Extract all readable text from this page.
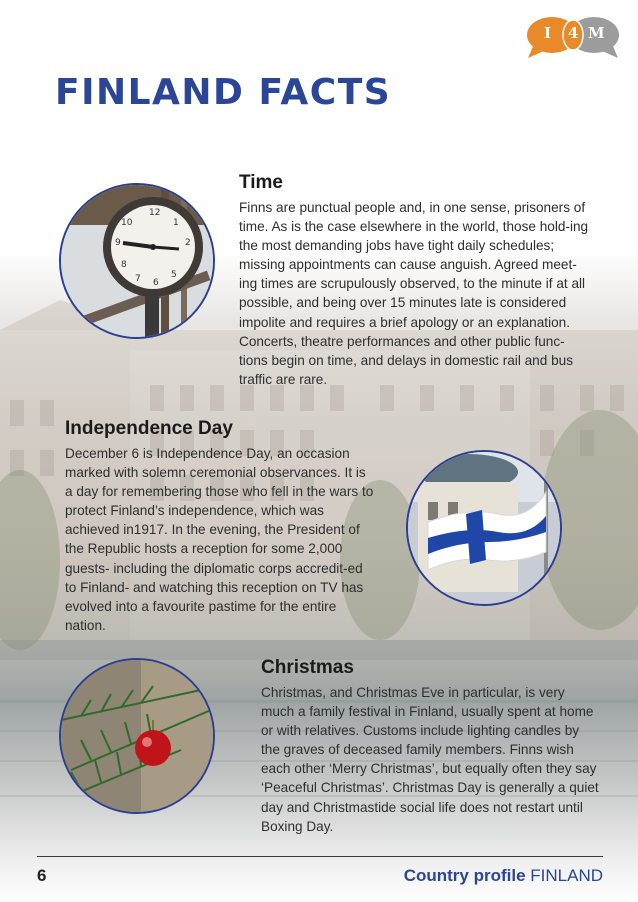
I 4 M
FINLAND FACTS
12
1
2
10
9
8
7 6
5
Time

Finns are punctual people and, in one sense, prisoners of time. As is the case elsewhere in the world, those hold-ing the most demanding jobs have tight daily schedules; missing appointments can cause anguish. Agreed meet-ing times are scrupulously observed, to the minute if at all possible, and being over 15 minutes late is considered impolite and requires a brief apology or an explanation. Concerts, theatre performances and other public func-tions begin on time, and delays in domestic rail and bus traffic are rare.

Independence Day

December 6 is Independence Day, an occasion marked with solemn ceremonial observances. It is a day for remembering those who fell in the wars to protect Finland’s independence, which was achieved in1917. In the evening, the President of the Republic hosts a reception for some 2,000 guests- including the diplomatic corps accredit-ed to Finland- and watching this reception on TV has evolved into a favourite pastime for the entire nation.

Christmas

Christmas, and Christmas Eve in particular, is very much a family festival in Finland, usually spent at home or with relatives. Customs include lighting candles by the graves of deceased family members. Finns wish each other ‘Merry Christmas’, but equally often they say ‘Peaceful Christmas’. Christmas Day is generally a quiet day and Christmastide social life does not restart until Boxing Day.

6	Country profile FINLAND
